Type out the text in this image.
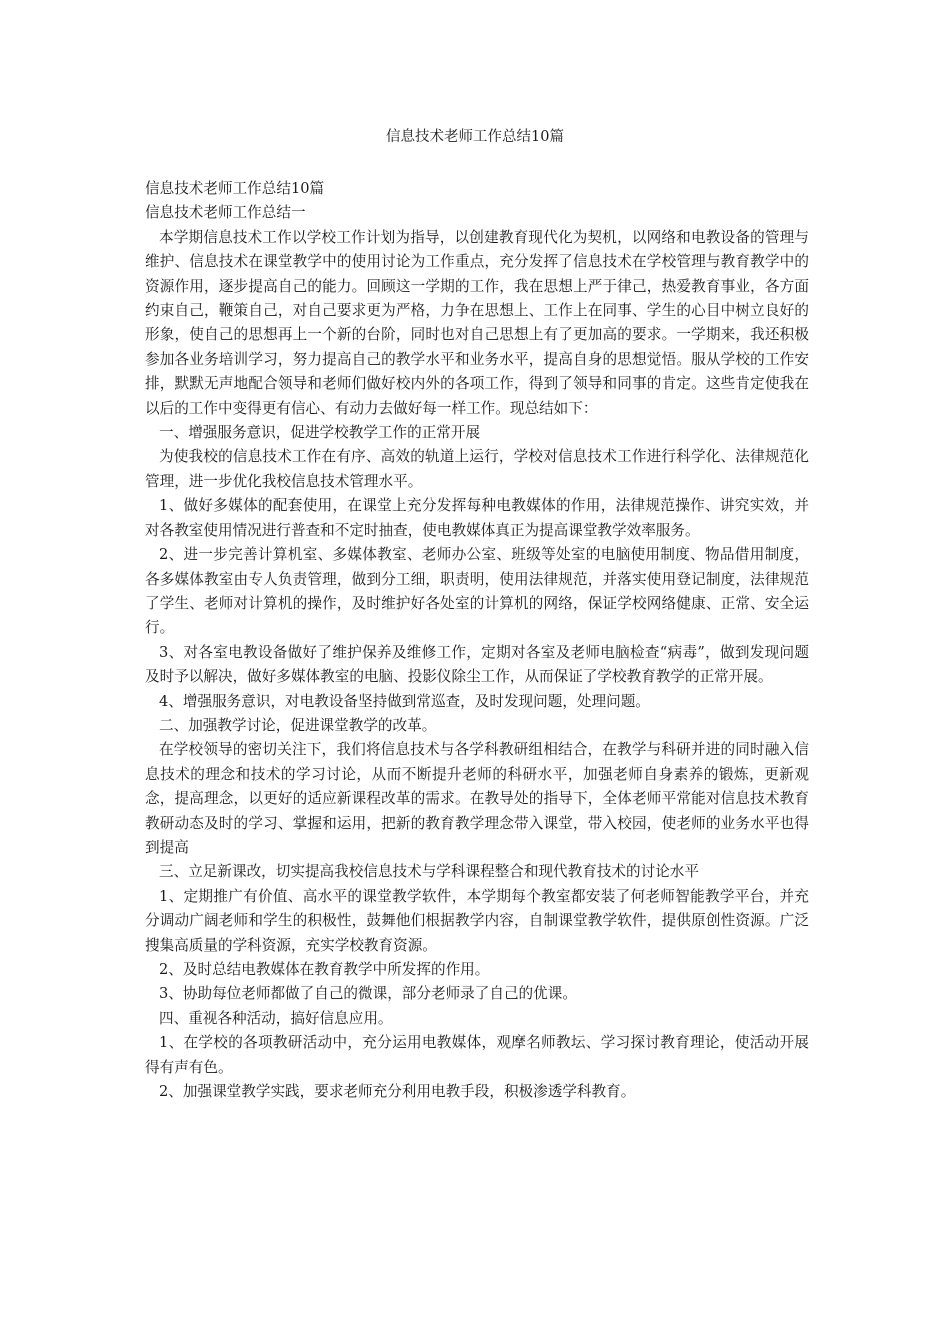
信息技术老师工作总结10篇

信息技术老师工作总结10篇

信息技术老师工作总结一

本学期信息技术工作以学校工作计划为指导，以创建教育现代化为契机，以网络和电教设备的管理与维护、信息技术在课堂教学中的使用讨论为工作重点，充分发挥了信息技术在学校管理与教育教学中的资源作用，逐步提高自己的能力。回顾这一学期的工作，我在思想上严于律己，热爱教育事业，各方面约束自己，鞭策自己，对自己要求更为严格，力争在思想上、工作上在同事、学生的心目中树立良好的形象，使自己的思想再上一个新的台阶，同时也对自己思想上有了更加高的要求。一学期来，我还积极参加各业务培训学习，努力提高自己的教学水平和业务水平，提高自身的思想觉悟。服从学校的工作安排，默默无声地配合领导和老师们做好校内外的各项工作，得到了领导和同事的肯定。这些肯定使我在以后的工作中变得更有信心、有动力去做好每一样工作。现总结如下：

一、增强服务意识，促进学校教学工作的正常开展

为使我校的信息技术工作在有序、高效的轨道上运行，学校对信息技术工作进行科学化、法律规范化管理，进一步优化我校信息技术管理水平。

1、做好多媒体的配套使用，在课堂上充分发挥每种电教媒体的作用，法律规范操作、讲究实效，并对各教室使用情况进行普查和不定时抽查，使电教媒体真正为提高课堂教学效率服务。

2、进一步完善计算机室、多媒体教室、老师办公室、班级等处室的电脑使用制度、物品借用制度，各多媒体教室由专人负责管理，做到分工细，职责明，使用法律规范，并落实使用登记制度，法律规范了学生、老师对计算机的操作，及时维护好各处室的计算机的网络，保证学校网络健康、正常、安全运行。

3、对各室电教设备做好了维护保养及维修工作，定期对各室及老师电脑检查“病毒”，做到发现问题及时予以解决，做好多媒体教室的电脑、投影仪除尘工作，从而保证了学校教育教学的正常开展。

4、增强服务意识，对电教设备坚持做到常巡查，及时发现问题，处理问题。

二、加强教学讨论，促进课堂教学的改革。

在学校领导的密切关注下，我们将信息技术与各学科教研组相结合，在教学与科研并进的同时融入信息技术的理念和技术的学习讨论，从而不断提升老师的科研水平，加强老师自身素养的锻炼，更新观念，提高理念，以更好的适应新课程改革的需求。在教导处的指导下，全体老师平常能对信息技术教育教研动态及时的学习、掌握和运用，把新的教育教学理念带入课堂，带入校园，使老师的业务水平也得到提高

三、立足新课改，切实提高我校信息技术与学科课程整合和现代教育技术的讨论水平

1、定期推广有价值、高水平的课堂教学软件，本学期每个教室都安装了何老师智能教学平台，并充分调动广阔老师和学生的积极性，鼓舞他们根据教学内容，自制课堂教学软件，提供原创性资源。广泛搜集高质量的学科资源，充实学校教育资源。

2、及时总结电教媒体在教育教学中所发挥的作用。

3、协助每位老师都做了自己的微课，部分老师录了自己的优课。

四、重视各种活动，搞好信息应用。

1、在学校的各项教研活动中，充分运用电教媒体，观摩名师教坛、学习探讨教育理论，使活动开展得有声有色。

2、加强课堂教学实践，要求老师充分利用电教手段，积极渗透学科教育。
